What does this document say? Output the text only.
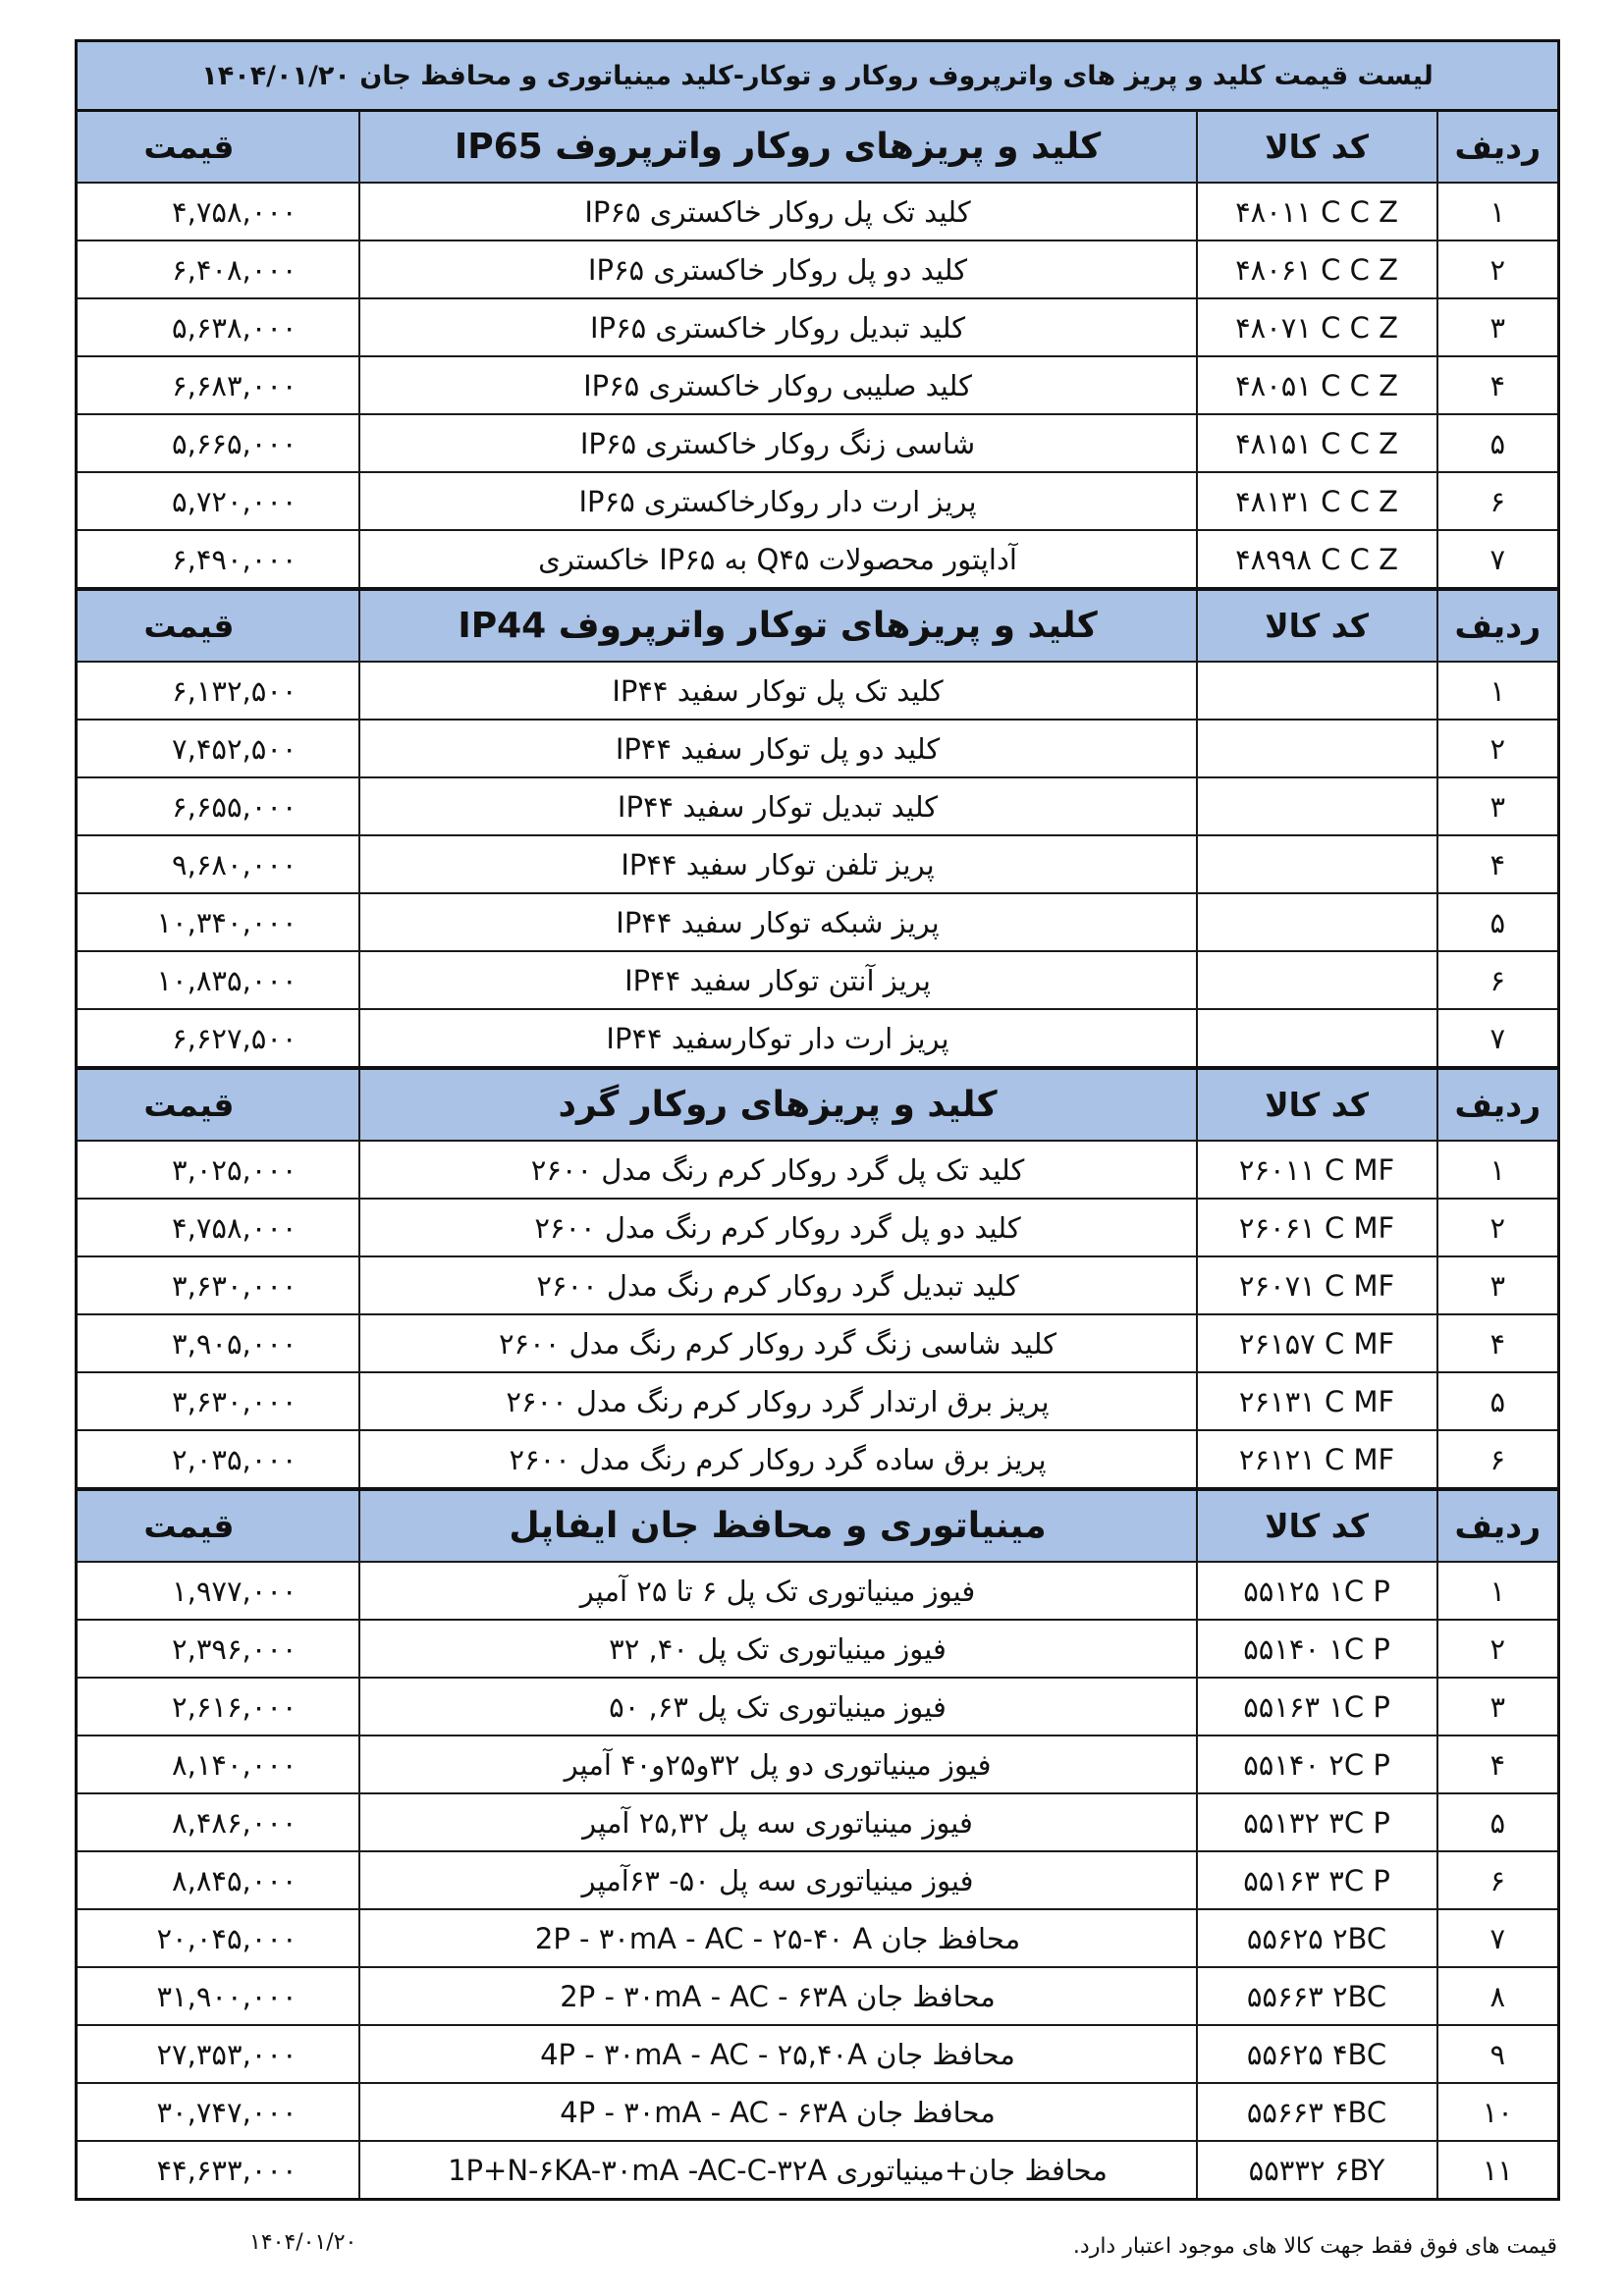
لیست قیمت کلید و پریز های واترپروف روکار و توکار-کلید مینیاتوری و محافظ جان ۱۴۰۴/۰۱/۲۰			
ردیف	کد کالا	کلید و پریزهای روکار واترپروف IP65	قیمت
۱	۴۸۰۱۱ C C Z	کلید تک پل روکار خاکستری IP۶۵	۴,۷۵۸,۰۰۰
۲	۴۸۰۶۱ C C Z	کلید دو پل روکار خاکستری IP۶۵	۶,۴۰۸,۰۰۰
۳	۴۸۰۷۱ C C Z	کلید تبدیل روکار خاکستری IP۶۵	۵,۶۳۸,۰۰۰
۴	۴۸۰۵۱ C C Z	کلید صلیبی روکار خاکستری IP۶۵	۶,۶۸۳,۰۰۰
۵	۴۸۱۵۱ C C Z	شاسی زنگ روکار خاکستری IP۶۵	۵,۶۶۵,۰۰۰
۶	۴۸۱۳۱ C C Z	پریز ارت دار روکارخاکستری IP۶۵	۵,۷۲۰,۰۰۰
۷	۴۸۹۹۸ C C Z	آداپتور محصولات Q۴۵ به IP۶۵ خاکستری	۶,۴۹۰,۰۰۰
ردیف	کد کالا	کلید و پریزهای توکار واترپروف IP44	قیمت
۱		کلید تک پل توکار سفید IP۴۴	۶,۱۳۲,۵۰۰
۲		کلید دو پل توکار سفید IP۴۴	۷,۴۵۲,۵۰۰
۳		کلید تبدیل توکار سفید IP۴۴	۶,۶۵۵,۰۰۰
۴		پریز تلفن توکار سفید IP۴۴	۹,۶۸۰,۰۰۰
۵		پریز شبکه توکار سفید IP۴۴	۱۰,۳۴۰,۰۰۰
۶		پریز آنتن توکار سفید IP۴۴	۱۰,۸۳۵,۰۰۰
۷		پریز ارت دار توکارسفید IP۴۴	۶,۶۲۷,۵۰۰
ردیف	کد کالا	کلید و پریزهای روکار گرد	قیمت
۱	۲۶۰۱۱ C MF	کلید تک پل گرد روکار کرم رنگ مدل ۲۶۰۰	۳,۰۲۵,۰۰۰
۲	۲۶۰۶۱ C MF	کلید دو پل گرد روکار کرم رنگ مدل ۲۶۰۰	۴,۷۵۸,۰۰۰
۳	۲۶۰۷۱ C MF	کلید تبدیل گرد روکار کرم رنگ مدل ۲۶۰۰	۳,۶۳۰,۰۰۰
۴	۲۶۱۵۷ C MF	کلید شاسی زنگ گرد روکار کرم رنگ مدل ۲۶۰۰	۳,۹۰۵,۰۰۰
۵	۲۶۱۳۱ C MF	پریز برق ارتدار گرد روکار کرم رنگ مدل ۲۶۰۰	۳,۶۳۰,۰۰۰
۶	۲۶۱۲۱ C MF	پریز برق ساده گرد روکار کرم رنگ مدل ۲۶۰۰	۲,۰۳۵,۰۰۰
ردیف	کد کالا	مینیاتوری و محافظ جان ایفاپل	قیمت
۱	۵۵۱۲۵ ۱C P	فیوز مینیاتوری تک پل ۶ تا ۲۵ آمپر	۱,۹۷۷,۰۰۰
۲	۵۵۱۴۰ ۱C P	فیوز مینیاتوری تک پل ۴۰, ۳۲	۲,۳۹۶,۰۰۰
۳	۵۵۱۶۳ ۱C P	فیوز مینیاتوری تک پل ۶۳, ۵۰	۲,۶۱۶,۰۰۰
۴	۵۵۱۴۰ ۲C P	فیوز مینیاتوری دو پل ۳۲و۲۵و۴۰ آمپر	۸,۱۴۰,۰۰۰
۵	۵۵۱۳۲ ۳C P	فیوز مینیاتوری سه پل ۲۵,۳۲ آمپر	۸,۴۸۶,۰۰۰
۶	۵۵۱۶۳ ۳C P	فیوز مینیاتوری سه پل ۵۰- ۶۳آمپر	۸,۸۴۵,۰۰۰
۷	۵۵۶۲۵ ۲BC	محافظ جان 2P - ۳۰mA - AC - ۲۵-۴۰ A	۲۰,۰۴۵,۰۰۰
۸	۵۵۶۶۳ ۲BC	محافظ جان 2P - ۳۰mA - AC - ۶۳A	۳۱,۹۰۰,۰۰۰
۹	۵۵۶۲۵ ۴BC	محافظ جان 4P - ۳۰mA - AC - ۲۵,۴۰A	۲۷,۳۵۳,۰۰۰
۱۰	۵۵۶۶۳ ۴BC	محافظ جان 4P - ۳۰mA - AC - ۶۳A	۳۰,۷۴۷,۰۰۰
۱۱	۵۵۳۳۲ ۶BY	محافظ جان+مینیاتوری 1P+N-۶KA-۳۰mA -AC-C-۳۲A	۴۴,۶۳۳,۰۰۰
قیمت های فوق فقط جهت کالا های موجود اعتبار دارد.
۱۴۰۴/۰۱/۲۰
